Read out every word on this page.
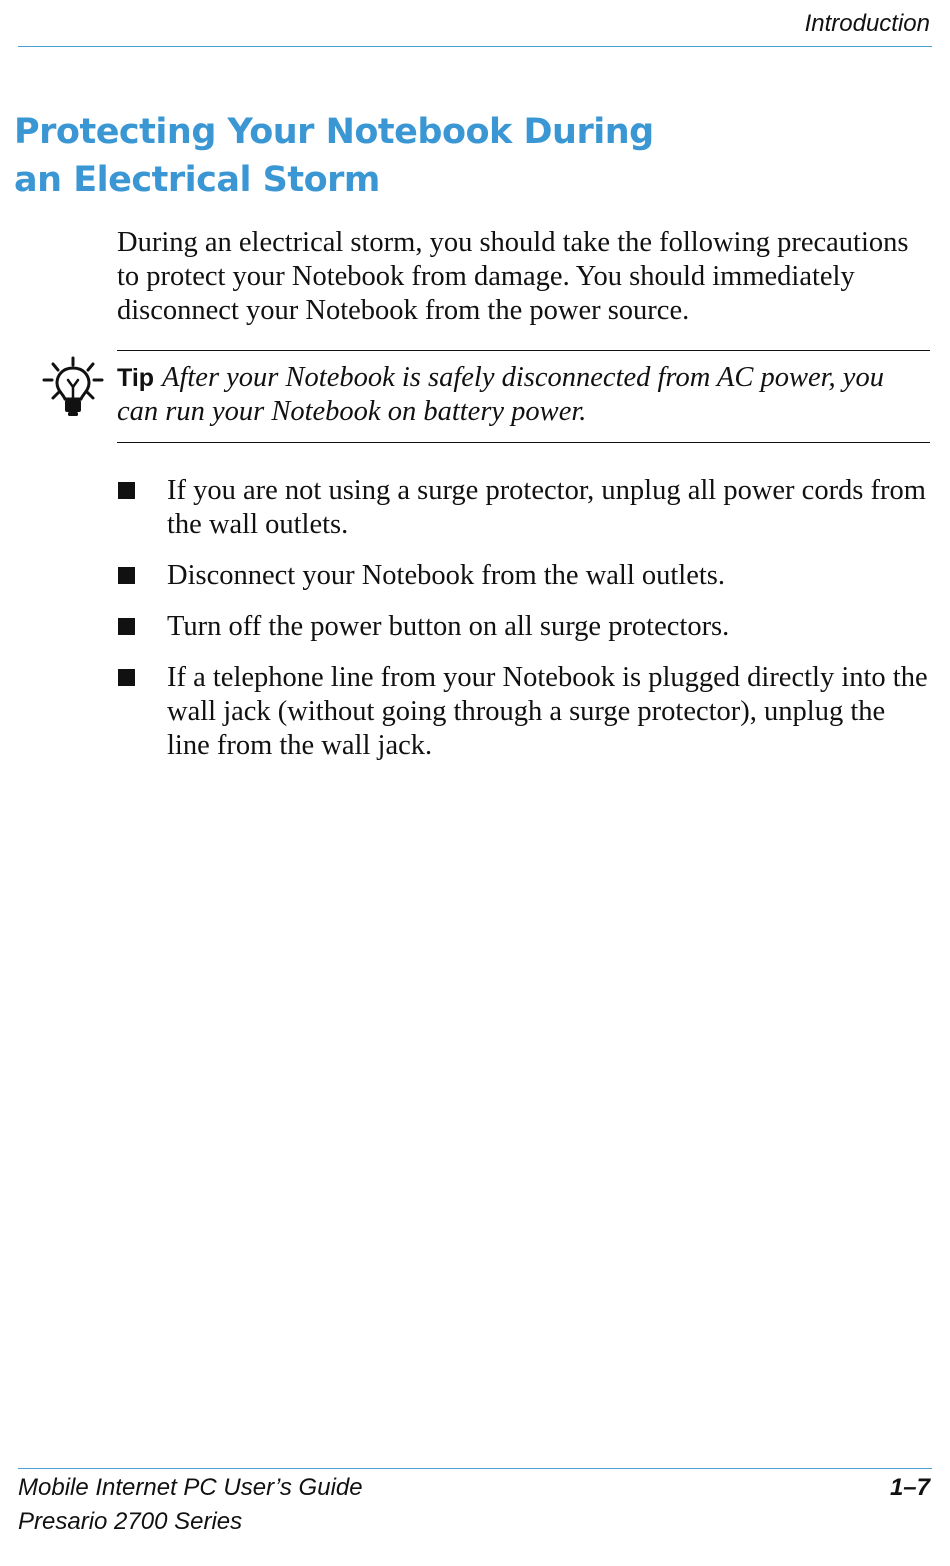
Introduction
Protecting Your Notebook During
an Electrical Storm

During an electrical storm, you should take the following precautions to protect your Notebook from damage. You should immediately disconnect your Notebook from the power source.

Tip After your Notebook is safely disconnected from AC power, you can run your Notebook on battery power.

If you are not using a surge protector, unplug all power cords from the wall outlets.
Disconnect your Notebook from the wall outlets.
Turn off the power button on all surge protectors.
If a telephone line from your Notebook is plugged directly into the wall jack (without going through a surge protector), unplug the line from the wall jack.
Mobile Internet PC User’s Guide
Presario 2700 Series
1–7
